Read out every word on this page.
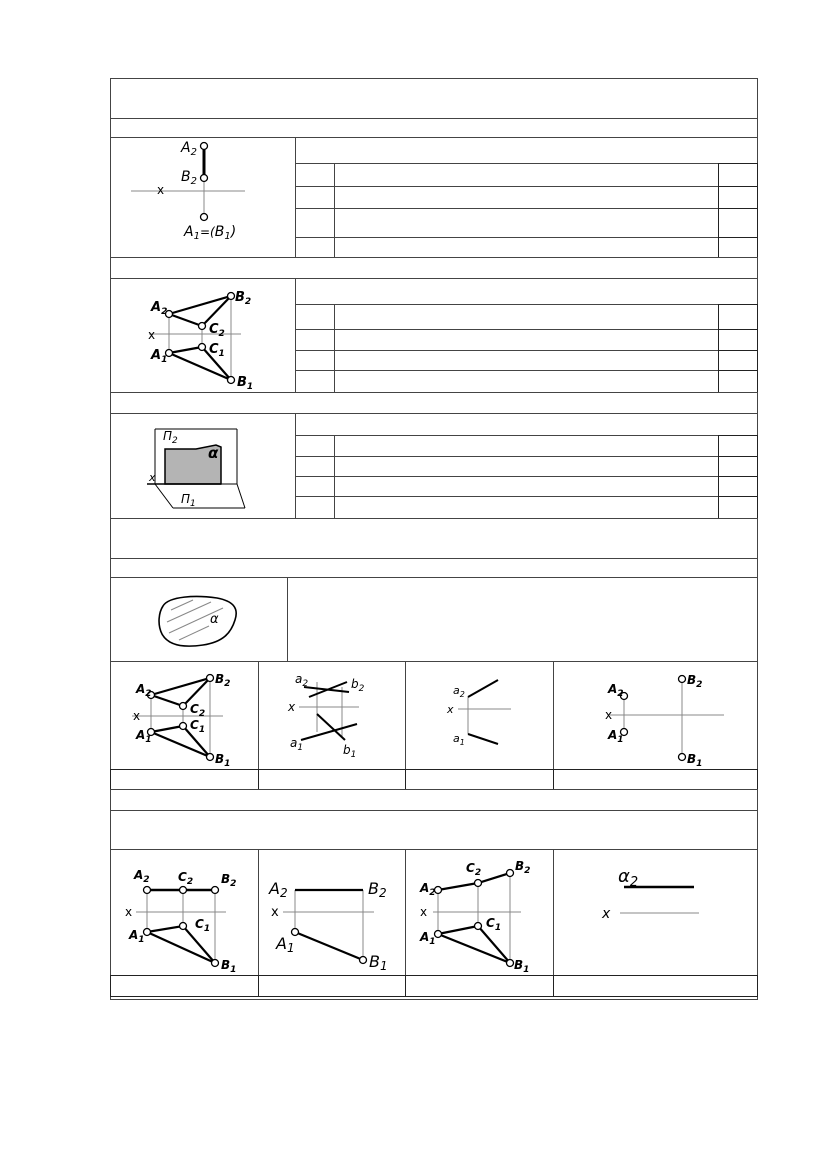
$A_2$
$B_2$
x
$A_1=(B_1)$
$A_2$
$B_2$
$C_2$
$C_1$
$A_1$
$B_1$
x
$П_2$
α
x
$П_1$
α
$A_2$
$B_2$
$C_2$
$C_1$
$A_1$
$B_1$
x
$a_2$	$b_2$
$a_1$	$b_1$
x
$a_2$
$a_1$
x
$A_2$
$A_1$
$B_2$
$B_1$
x
$A_2$ $C_2$ $B_2$
$A_1$
$C_1$
$B_1$
x
A2	B2
A1
B1
x
$A_2$
$C_2$	$B_2$
$A_1$
$C_1$
$B_1$
x
$\alpha_2$
x
